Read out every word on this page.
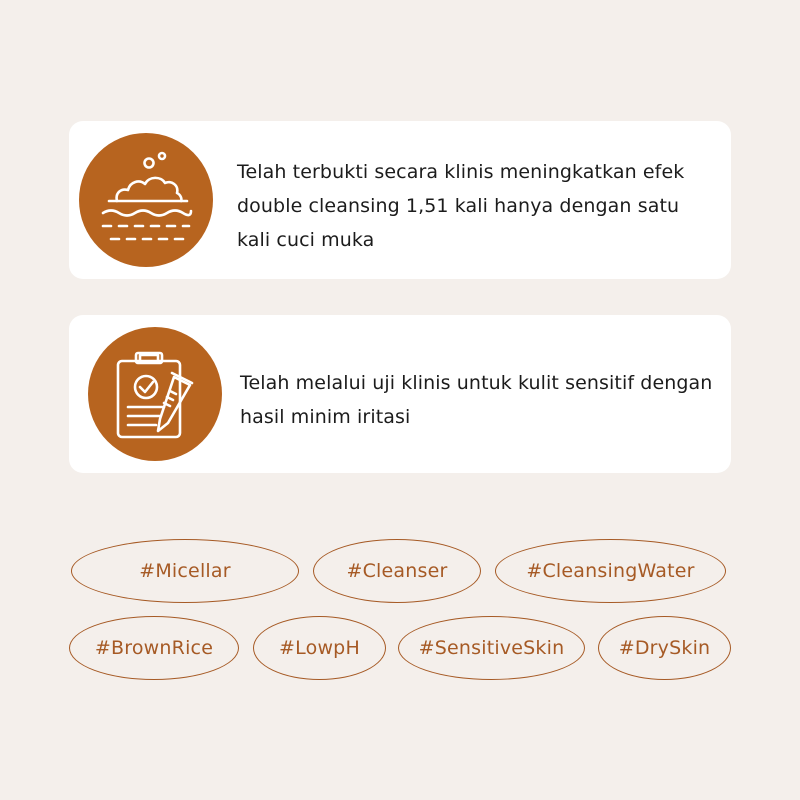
Telah terbukti secara klinis meningkatkan efek double cleansing 1,51 kali hanya dengan satu kali cuci muka
Telah melalui uji klinis untuk kulit sensitif dengan hasil minim iritasi
#Micellar	#Cleanser	#CleansingWater
#BrownRice	#LowpH	#SensitiveSkin	#DrySkin
